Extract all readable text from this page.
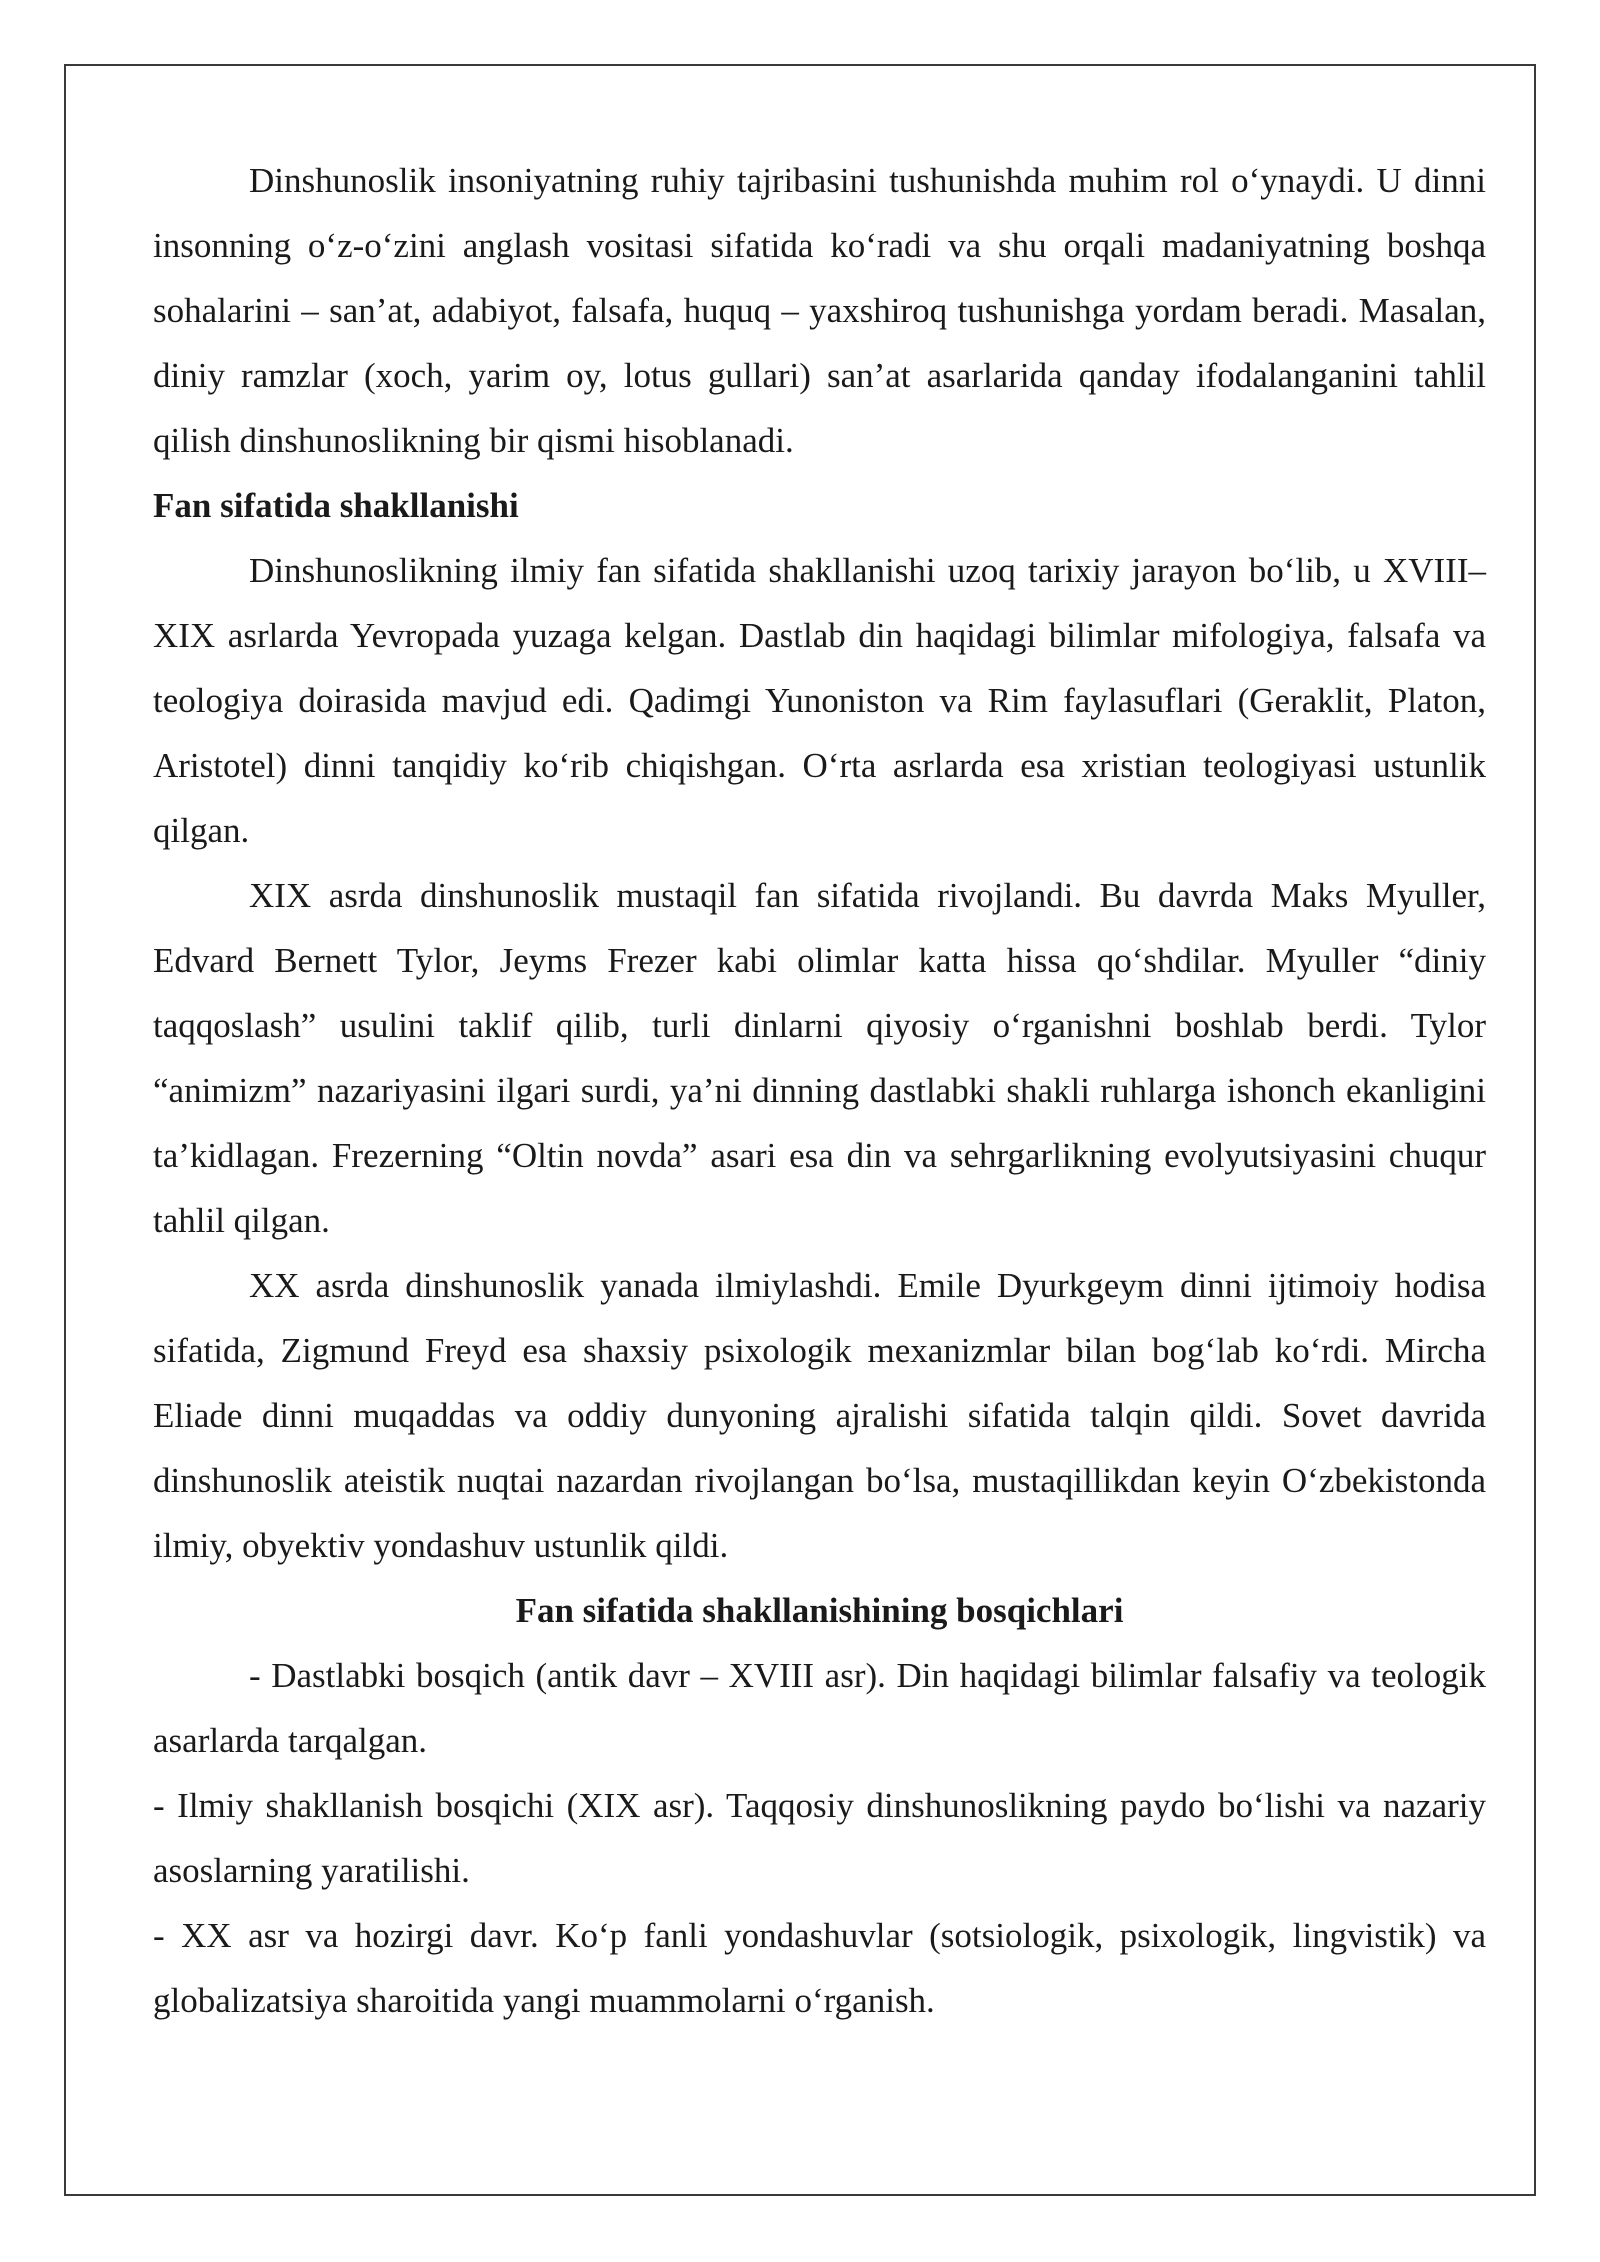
Dinshunoslik insoniyatning ruhiy tajribasini tushunishda muhim rol o‘ynaydi. U dinni insonning o‘z-o‘zini anglash vositasi sifatida ko‘radi va shu orqali madaniyatning boshqa sohalarini – san’at, adabiyot, falsafa, huquq – yaxshiroq tushunishga yordam beradi. Masalan, diniy ramzlar (xoch, yarim oy, lotus gullari) san’at asarlarida qanday ifodalanganini tahlil qilish dinshunoslikning bir qismi hisoblanadi.

Fan sifatida shakllanishi

Dinshunoslikning ilmiy fan sifatida shakllanishi uzoq tarixiy jarayon bo‘lib, u XVIII–XIX asrlarda Yevropada yuzaga kelgan. Dastlab din haqidagi bilimlar mifologiya, falsafa va teologiya doirasida mavjud edi. Qadimgi Yunoniston va Rim faylasuflari (Geraklit, Platon, Aristotel) dinni tanqidiy ko‘rib chiqishgan. O‘rta asrlarda esa xristian teologiyasi ustunlik qilgan.

XIX asrda dinshunoslik mustaqil fan sifatida rivojlandi. Bu davrda Maks Myuller, Edvard Bernett Tylor, Jeyms Frezer kabi olimlar katta hissa qo‘shdilar. Myuller “diniy taqqoslash” usulini taklif qilib, turli dinlarni qiyosiy o‘rganishni boshlab berdi. Tylor “animizm” nazariyasini ilgari surdi, ya’ni dinning dastlabki shakli ruhlarga ishonch ekanligini ta’kidlagan. Frezerning “Oltin novda” asari esa din va sehrgarlikning evolyutsiyasini chuqur tahlil qilgan.

XX asrda dinshunoslik yanada ilmiylashdi. Emile Dyurkgeym dinni ijtimoiy hodisa sifatida, Zigmund Freyd esa shaxsiy psixologik mexanizmlar bilan bog‘lab ko‘rdi. Mircha Eliade dinni muqaddas va oddiy dunyoning ajralishi sifatida talqin qildi. Sovet davrida dinshunoslik ateistik nuqtai nazardan rivojlangan bo‘lsa, mustaqillikdan keyin O‘zbekistonda ilmiy, obyektiv yondashuv ustunlik qildi.

Fan sifatida shakllanishining bosqichlari

- Dastlabki bosqich (antik davr – XVIII asr). Din haqidagi bilimlar falsafiy va teologik asarlarda tarqalgan.

- Ilmiy shakllanish bosqichi (XIX asr). Taqqosiy dinshunoslikning paydo bo‘lishi va nazariy asoslarning yaratilishi.

- XX asr va hozirgi davr. Ko‘p fanli yondashuvlar (sotsiologik, psixologik, lingvistik) va globalizatsiya sharoitida yangi muammolarni o‘rganish.
